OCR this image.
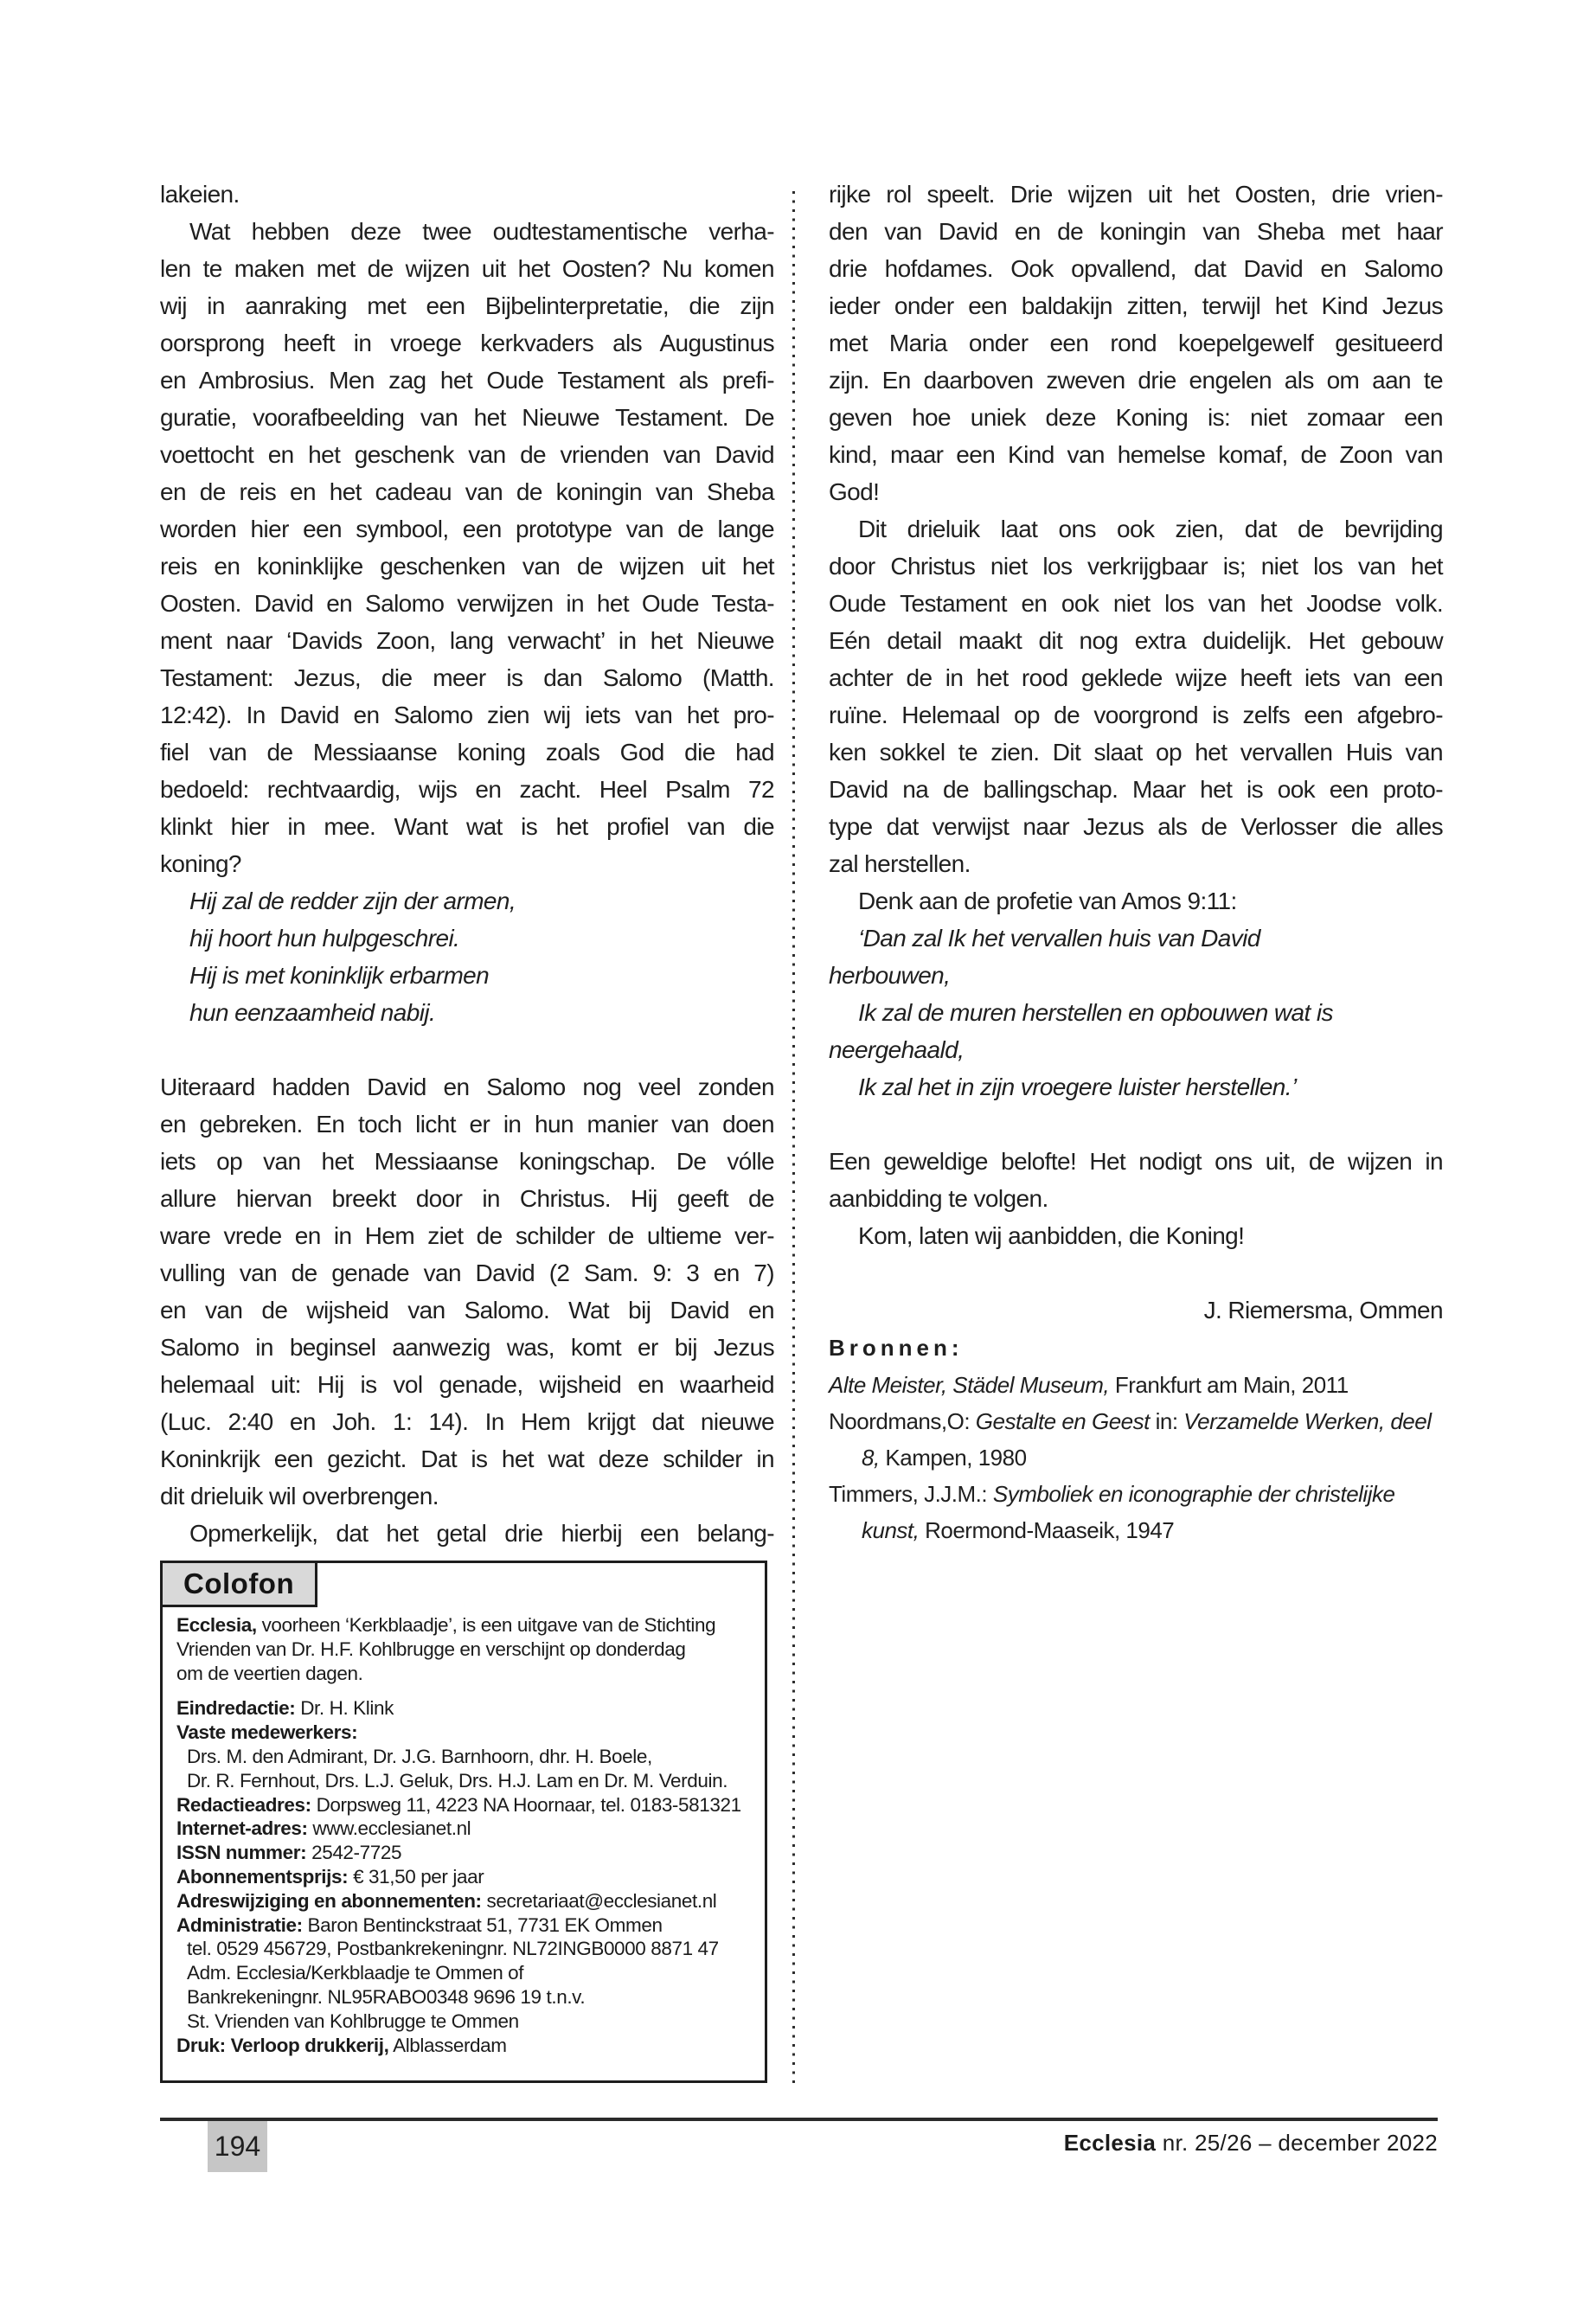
lakeien.
Wat hebben deze twee oudtestamentische verha-
len te maken met de wijzen uit het Oosten? Nu komen
wij in aanraking met een Bijbelinterpretatie, die zijn
oorsprong heeft in vroege kerkvaders als Augustinus
en Ambrosius. Men zag het Oude Testament als prefi-
guratie, voorafbeelding van het Nieuwe Testament. De
voettocht en het geschenk van de vrienden van David
en de reis en het cadeau van de koningin van Sheba
worden hier een symbool, een prototype van de lange
reis en koninklijke geschenken van de wijzen uit het
Oosten. David en Salomo verwijzen in het Oude Testa-
ment naar ‘Davids Zoon, lang verwacht’ in het Nieuwe
Testament: Jezus, die meer is dan Salomo (Matth.
12:42). In David en Salomo zien wij iets van het pro-
fiel van de Messiaanse koning zoals God die had
bedoeld: rechtvaardig, wijs en zacht. Heel Psalm 72
klinkt hier in mee. Want wat is het profiel van die
koning?
Hij zal de redder zijn der armen,
hij hoort hun hulpgeschrei.
Hij is met koninklijk erbarmen
hun eenzaamheid nabij.
Uiteraard hadden David en Salomo nog veel zonden
en gebreken. En toch licht er in hun manier van doen
iets op van het Messiaanse koningschap. De vólle
allure hiervan breekt door in Christus. Hij geeft de
ware vrede en in Hem ziet de schilder de ultieme ver-
vulling van de genade van David (2 Sam. 9: 3 en 7)
en van de wijsheid van Salomo. Wat bij David en
Salomo in beginsel aanwezig was, komt er bij Jezus
helemaal uit: Hij is vol genade, wijsheid en waarheid
(Luc. 2:40 en Joh. 1: 14). In Hem krijgt dat nieuwe
Koninkrijk een gezicht. Dat is het wat deze schilder in
dit drieluik wil overbrengen.
Opmerkelijk, dat het getal drie hierbij een belang-
rijke rol speelt. Drie wijzen uit het Oosten, drie vrien-
den van David en de koningin van Sheba met haar
drie hofdames. Ook opvallend, dat David en Salomo
ieder onder een baldakijn zitten, terwijl het Kind Jezus
met Maria onder een rond koepelgewelf gesitueerd
zijn. En daarboven zweven drie engelen als om aan te
geven hoe uniek deze Koning is: niet zomaar een
kind, maar een Kind van hemelse komaf, de Zoon van
God!
Dit drieluik laat ons ook zien, dat de bevrijding
door Christus niet los verkrijgbaar is; niet los van het
Oude Testament en ook niet los van het Joodse volk.
Eén detail maakt dit nog extra duidelijk. Het gebouw
achter de in het rood geklede wijze heeft iets van een
ruïne. Helemaal op de voorgrond is zelfs een afgebro-
ken sokkel te zien. Dit slaat op het vervallen Huis van
David na de ballingschap. Maar het is ook een proto-
type dat verwijst naar Jezus als de Verlosser die alles
zal herstellen.
Denk aan de profetie van Amos 9:11:
‘Dan zal Ik het vervallen huis van David
herbouwen,
Ik zal de muren herstellen en opbouwen wat is
neergehaald,
Ik zal het in zijn vroegere luister herstellen.’
Een geweldige belofte! Het nodigt ons uit, de wijzen in
aanbidding te volgen.
Kom, laten wij aanbidden, die Koning!
J. Riemersma, Ommen
Bronnen:
Alte Meister, Städel Museum, Frankfurt am Main, 2011
Noordmans,O: Gestalte en Geest in: Verzamelde Werken, deel
8, Kampen, 1980
Timmers, J.J.M.: Symboliek en iconographie der christelijke
kunst, Roermond-Maaseik, 1947
Colofon
Ecclesia, voorheen ‘Kerkblaadje’, is een uitgave van de Stichting
Vrienden van Dr. H.F. Kohlbrugge en verschijnt op donderdag
om de veertien dagen.
Eindredactie: Dr. H. Klink
Vaste medewerkers:
Drs. M. den Admirant, Dr. J.G. Barnhoorn, dhr. H. Boele,
Dr. R. Fernhout, Drs. L.J. Geluk, Drs. H.J. Lam en Dr. M. Verduin.
Redactieadres: Dorpsweg 11, 4223 NA Hoornaar, tel. 0183-581321
Internet-adres: www.ecclesianet.nl
ISSN nummer: 2542-7725
Abonnementsprijs: € 31,50 per jaar
Adreswijziging en abonnementen: secretariaat@ecclesianet.nl
Administratie: Baron Bentinckstraat 51, 7731 EK Ommen
tel. 0529 456729, Postbankrekeningnr. NL72INGB0000 8871 47
Adm. Ecclesia/Kerkblaadje te Ommen of
Bankrekeningnr. NL95RABO0348 9696 19 t.n.v.
St. Vrienden van Kohlbrugge te Ommen
Druk: Verloop drukkerij, Alblasserdam
194	Ecclesia nr. 25/26 – december 2022
